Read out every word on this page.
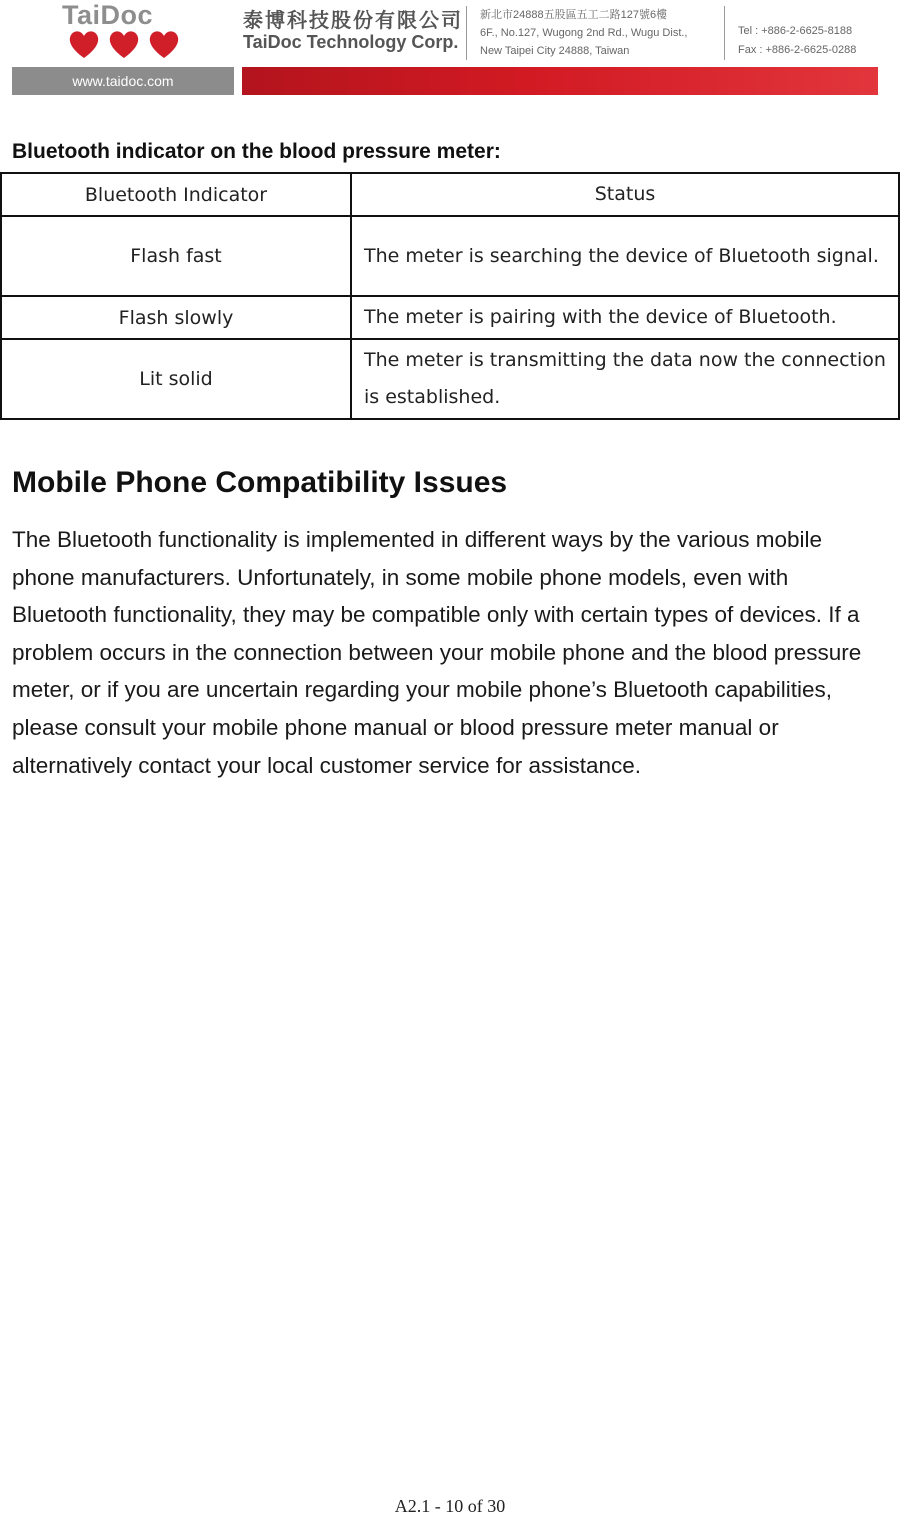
TaiDoc	泰博科技股份有限公司
TaiDoc Technology Corp.
新北市24888五股區五工二路127號6樓
6F., No.127, Wugong 2nd Rd., Wugu Dist.,
New Taipei City 24888, Taiwan
Tel : +886-2-6625-8188
Fax : +886-2-6625-0288
www.taidoc.com
Bluetooth indicator on the blood pressure meter:
Bluetooth Indicator	Status
Flash fast	The meter is searching the device of Bluetooth signal.
Flash slowly	The meter is pairing with the device of Bluetooth.
Lit solid	The meter is transmitting the data now the connection is established.
Mobile Phone Compatibility Issues

The Bluetooth functionality is implemented in different ways by the various mobile phone manufacturers. Unfortunately, in some mobile phone models, even with Bluetooth functionality, they may be compatible only with certain types of devices. If a problem occurs in the connection between your mobile phone and the blood pressure meter, or if you are uncertain regarding your mobile phone’s Bluetooth capabilities, please consult your mobile phone manual or blood pressure meter manual or alternatively contact your local customer service for assistance.

A2.1 - 10 of 30
